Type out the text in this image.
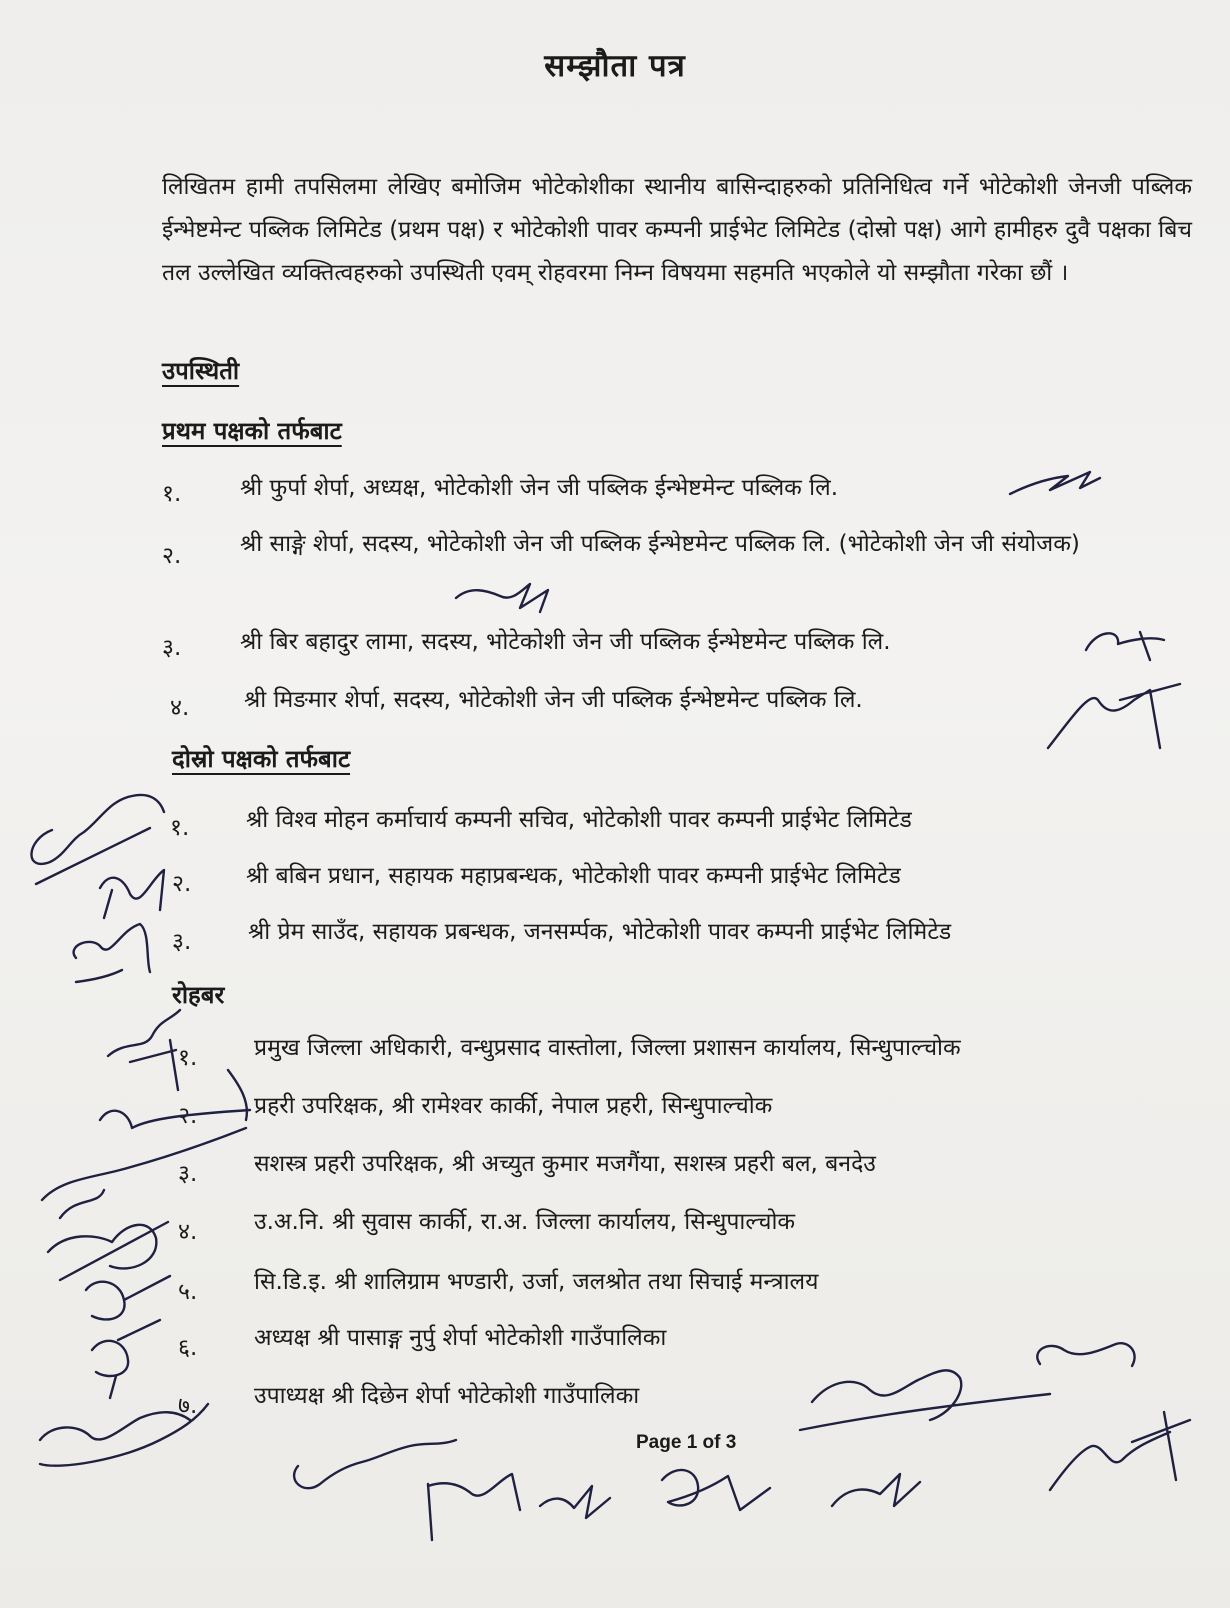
सम्झौता पत्र

लिखितम हामी तपसिलमा लेखिए बमोजिम भोटेकोशीका स्थानीय बासिन्दाहरुको प्रतिनिधित्व गर्ने भोटेकोशी जेनजी पब्लिक ईन्भेष्टमेन्ट पब्लिक लिमिटेड (प्रथम पक्ष) र भोटेकोशी पावर कम्पनी प्राईभेट लिमिटेड (दोस्रो पक्ष) आगे हामीहरु दुवै पक्षका बिच तल उल्लेखित व्यक्तित्वहरुको उपस्थिती एवम् रोहवरमा निम्न विषयमा सहमति भएकोले यो सम्झौता गरेका छौं ।

उपस्थिती
प्रथम पक्षको तर्फबाट
१.	श्री फुर्पा शेर्पा, अध्यक्ष, भोटेकोशी जेन जी पब्लिक ईन्भेष्टमेन्ट पब्लिक लि.
२.	श्री साङ्गे शेर्पा, सदस्य, भोटेकोशी जेन जी पब्लिक ईन्भेष्टमेन्ट पब्लिक लि. (भोटेकोशी जेन जी संयोजक)
३.	श्री बिर बहादुर लामा, सदस्य, भोटेकोशी जेन जी पब्लिक ईन्भेष्टमेन्ट पब्लिक लि.
४. श्री मिङमार शेर्पा, सदस्य, भोटेकोशी जेन जी पब्लिक ईन्भेष्टमेन्ट पब्लिक लि.
दोस्रो पक्षको तर्फबाट
१. श्री विश्व मोहन कर्माचार्य कम्पनी सचिव, भोटेकोशी पावर कम्पनी प्राईभेट लिमिटेड
२. श्री बबिन प्रधान, सहायक महाप्रबन्धक, भोटेकोशी पावर कम्पनी प्राईभेट लिमिटेड
३. श्री प्रेम साउँद, सहायक प्रबन्धक, जनसर्म्पक, भोटेकोशी पावर कम्पनी प्राईभेट लिमिटेड
रोहबर
१. प्रमुख जिल्ला अधिकारी, वन्धुप्रसाद वास्तोला, जिल्ला प्रशासन कार्यालय, सिन्धुपाल्चोक
२. प्रहरी उपरिक्षक, श्री रामेश्वर कार्की, नेपाल प्रहरी, सिन्धुपाल्चोक
३. सशस्त्र प्रहरी उपरिक्षक, श्री अच्युत कुमार मजगैंया, सशस्त्र प्रहरी बल, बनदेउ
४. उ.अ.नि. श्री सुवास कार्की, रा.अ. जिल्ला कार्यालय, सिन्धुपाल्चोक
५. सि.डि.इ. श्री शालिग्राम भण्डारी, उर्जा, जलश्रोत तथा सिचाई मन्त्रालय
६. अध्यक्ष श्री पासाङ्ग नुर्पु शेर्पा भोटेकोशी गाउँपालिका
७. उपाध्यक्ष श्री दिछेन शेर्पा भोटेकोशी गाउँपालिका
Page 1 of 3
